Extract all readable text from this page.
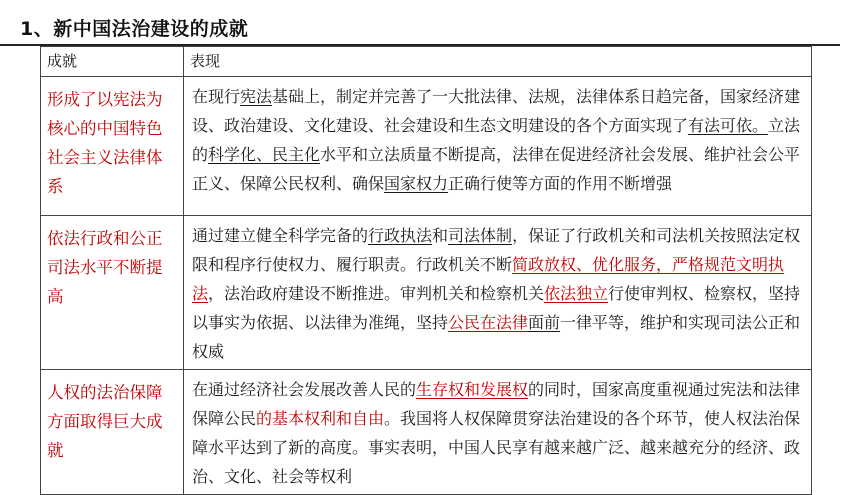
1、新中国法治建设的成就
成就	表现
形成了以宪法为核心的中国特色社会主义法律体系	在现行宪法基础上，制定并完善了一大批法律、法规，法律体系日趋完备，国家经济建设、政治建设、文化建设、社会建设和生态文明建设的各个方面实现了有法可依。立法的科学化、民主化水平和立法质量不断提高，法律在促进经济社会发展、维护社会公平正义、保障公民权利、确保国家权力正确行使等方面的作用不断增强
依法行政和公正司法水平不断提高	通过建立健全科学完备的行政执法和司法体制，保证了行政机关和司法机关按照法定权限和程序行使权力、履行职责。行政机关不断简政放权、优化服务，严格规范文明执法，法治政府建设不断推进。审判机关和检察机关依法独立行使审判权、检察权，坚持以事实为依据、以法律为准绳，坚持公民在法律面前一律平等，维护和实现司法公正和权威
人权的法治保障方面取得巨大成就	在通过经济社会发展改善人民的生存权和发展权的同时，国家高度重视通过宪法和法律保障公民的基本权利和自由。我国将人权保障贯穿法治建设的各个环节，使人权法治保障水平达到了新的高度。事实表明，中国人民享有越来越广泛、越来越充分的经济、政治、文化、社会等权利
